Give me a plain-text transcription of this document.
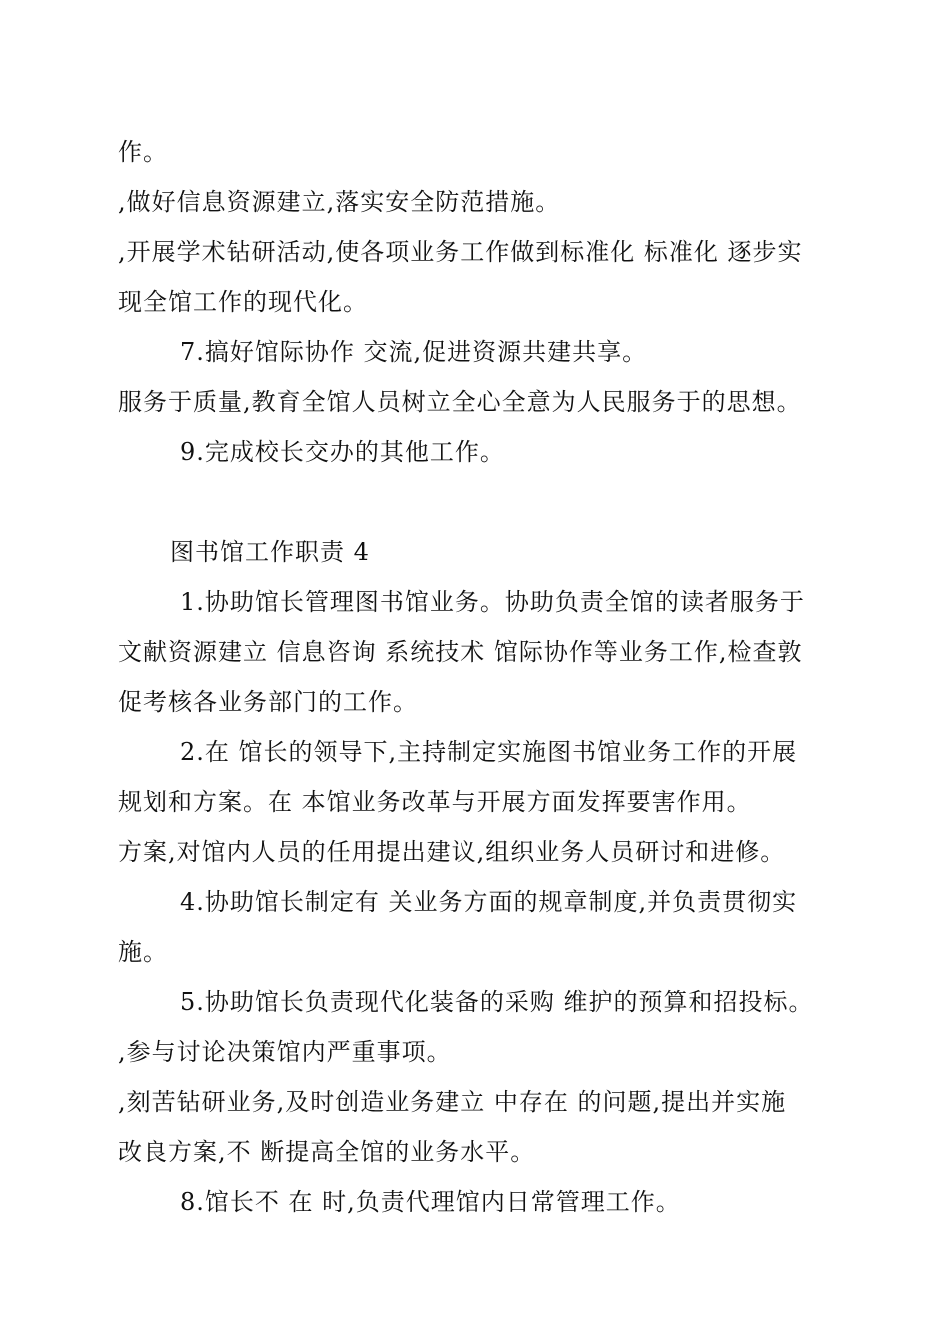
作。
,做好信息资源建立,落实安全防范措施。
,开展学术钻研活动,使各项业务工作做到标准化 标准化 逐步实
现全馆工作的现代化。
7.搞好馆际协作 交流,促进资源共建共享。
服务于质量,教育全馆人员树立全心全意为人民服务于的思想。
9.完成校长交办的其他工作。
图书馆工作职责 4
1.协助馆长管理图书馆业务。协助负责全馆的读者服务于
文献资源建立 信息咨询 系统技术 馆际协作等业务工作,检查敦
促考核各业务部门的工作。
2.在 馆长的领导下,主持制定实施图书馆业务工作的开展
规划和方案。在 本馆业务改革与开展方面发挥要害作用。
方案,对馆内人员的任用提出建议,组织业务人员研讨和进修。
4.协助馆长制定有 关业务方面的规章制度,并负责贯彻实
施。
5.协助馆长负责现代化装备的采购 维护的预算和招投标。
,参与讨论决策馆内严重事项。
,刻苦钻研业务,及时创造业务建立 中存在 的问题,提出并实施
改良方案,不 断提高全馆的业务水平。
8.馆长不 在 时,负责代理馆内日常管理工作。
